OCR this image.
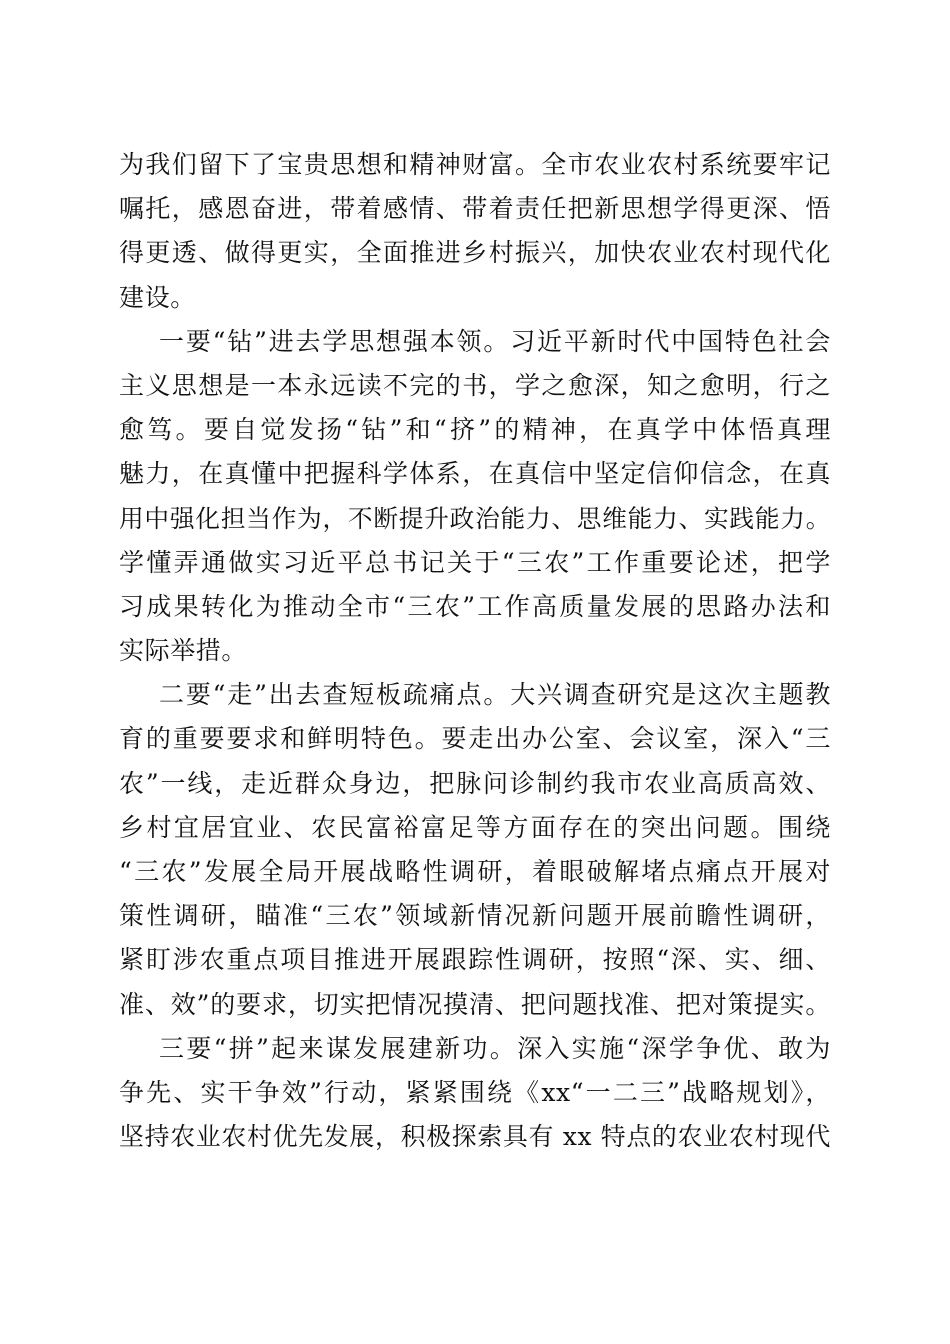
为我们留下了宝贵思想和精神财富。全市农业农村系统要牢记
嘱托，感恩奋进，带着感情、带着责任把新思想学得更深、悟
得更透、做得更实，全面推进乡村振兴，加快农业农村现代化
建设。
一要“钻”进去学思想强本领。习近平新时代中国特色社会
主义思想是一本永远读不完的书，学之愈深，知之愈明，行之
愈笃。要自觉发扬“钻”和“挤”的精神，在真学中体悟真理
魅力，在真懂中把握科学体系，在真信中坚定信仰信念，在真
用中强化担当作为，不断提升政治能力、思维能力、实践能力。
学懂弄通做实习近平总书记关于“三农”工作重要论述，把学
习成果转化为推动全市“三农”工作高质量发展的思路办法和
实际举措。
二要“走”出去查短板疏痛点。大兴调查研究是这次主题教
育的重要要求和鲜明特色。要走出办公室、会议室，深入“三
农”一线，走近群众身边，把脉问诊制约我市农业高质高效、
乡村宜居宜业、农民富裕富足等方面存在的突出问题。围绕
“三农”发展全局开展战略性调研，着眼破解堵点痛点开展对
策性调研，瞄准“三农”领域新情况新问题开展前瞻性调研，
紧盯涉农重点项目推进开展跟踪性调研，按照“深、实、细、
准、效”的要求，切实把情况摸清、把问题找准、把对策提实。
三要“拼”起来谋发展建新功。深入实施“深学争优、敢为
争先、实干争效”行动，紧紧围绕《xx“一二三”战略规划》，
坚持农业农村优先发展，积极探索具有 xx 特点的农业农村现代
